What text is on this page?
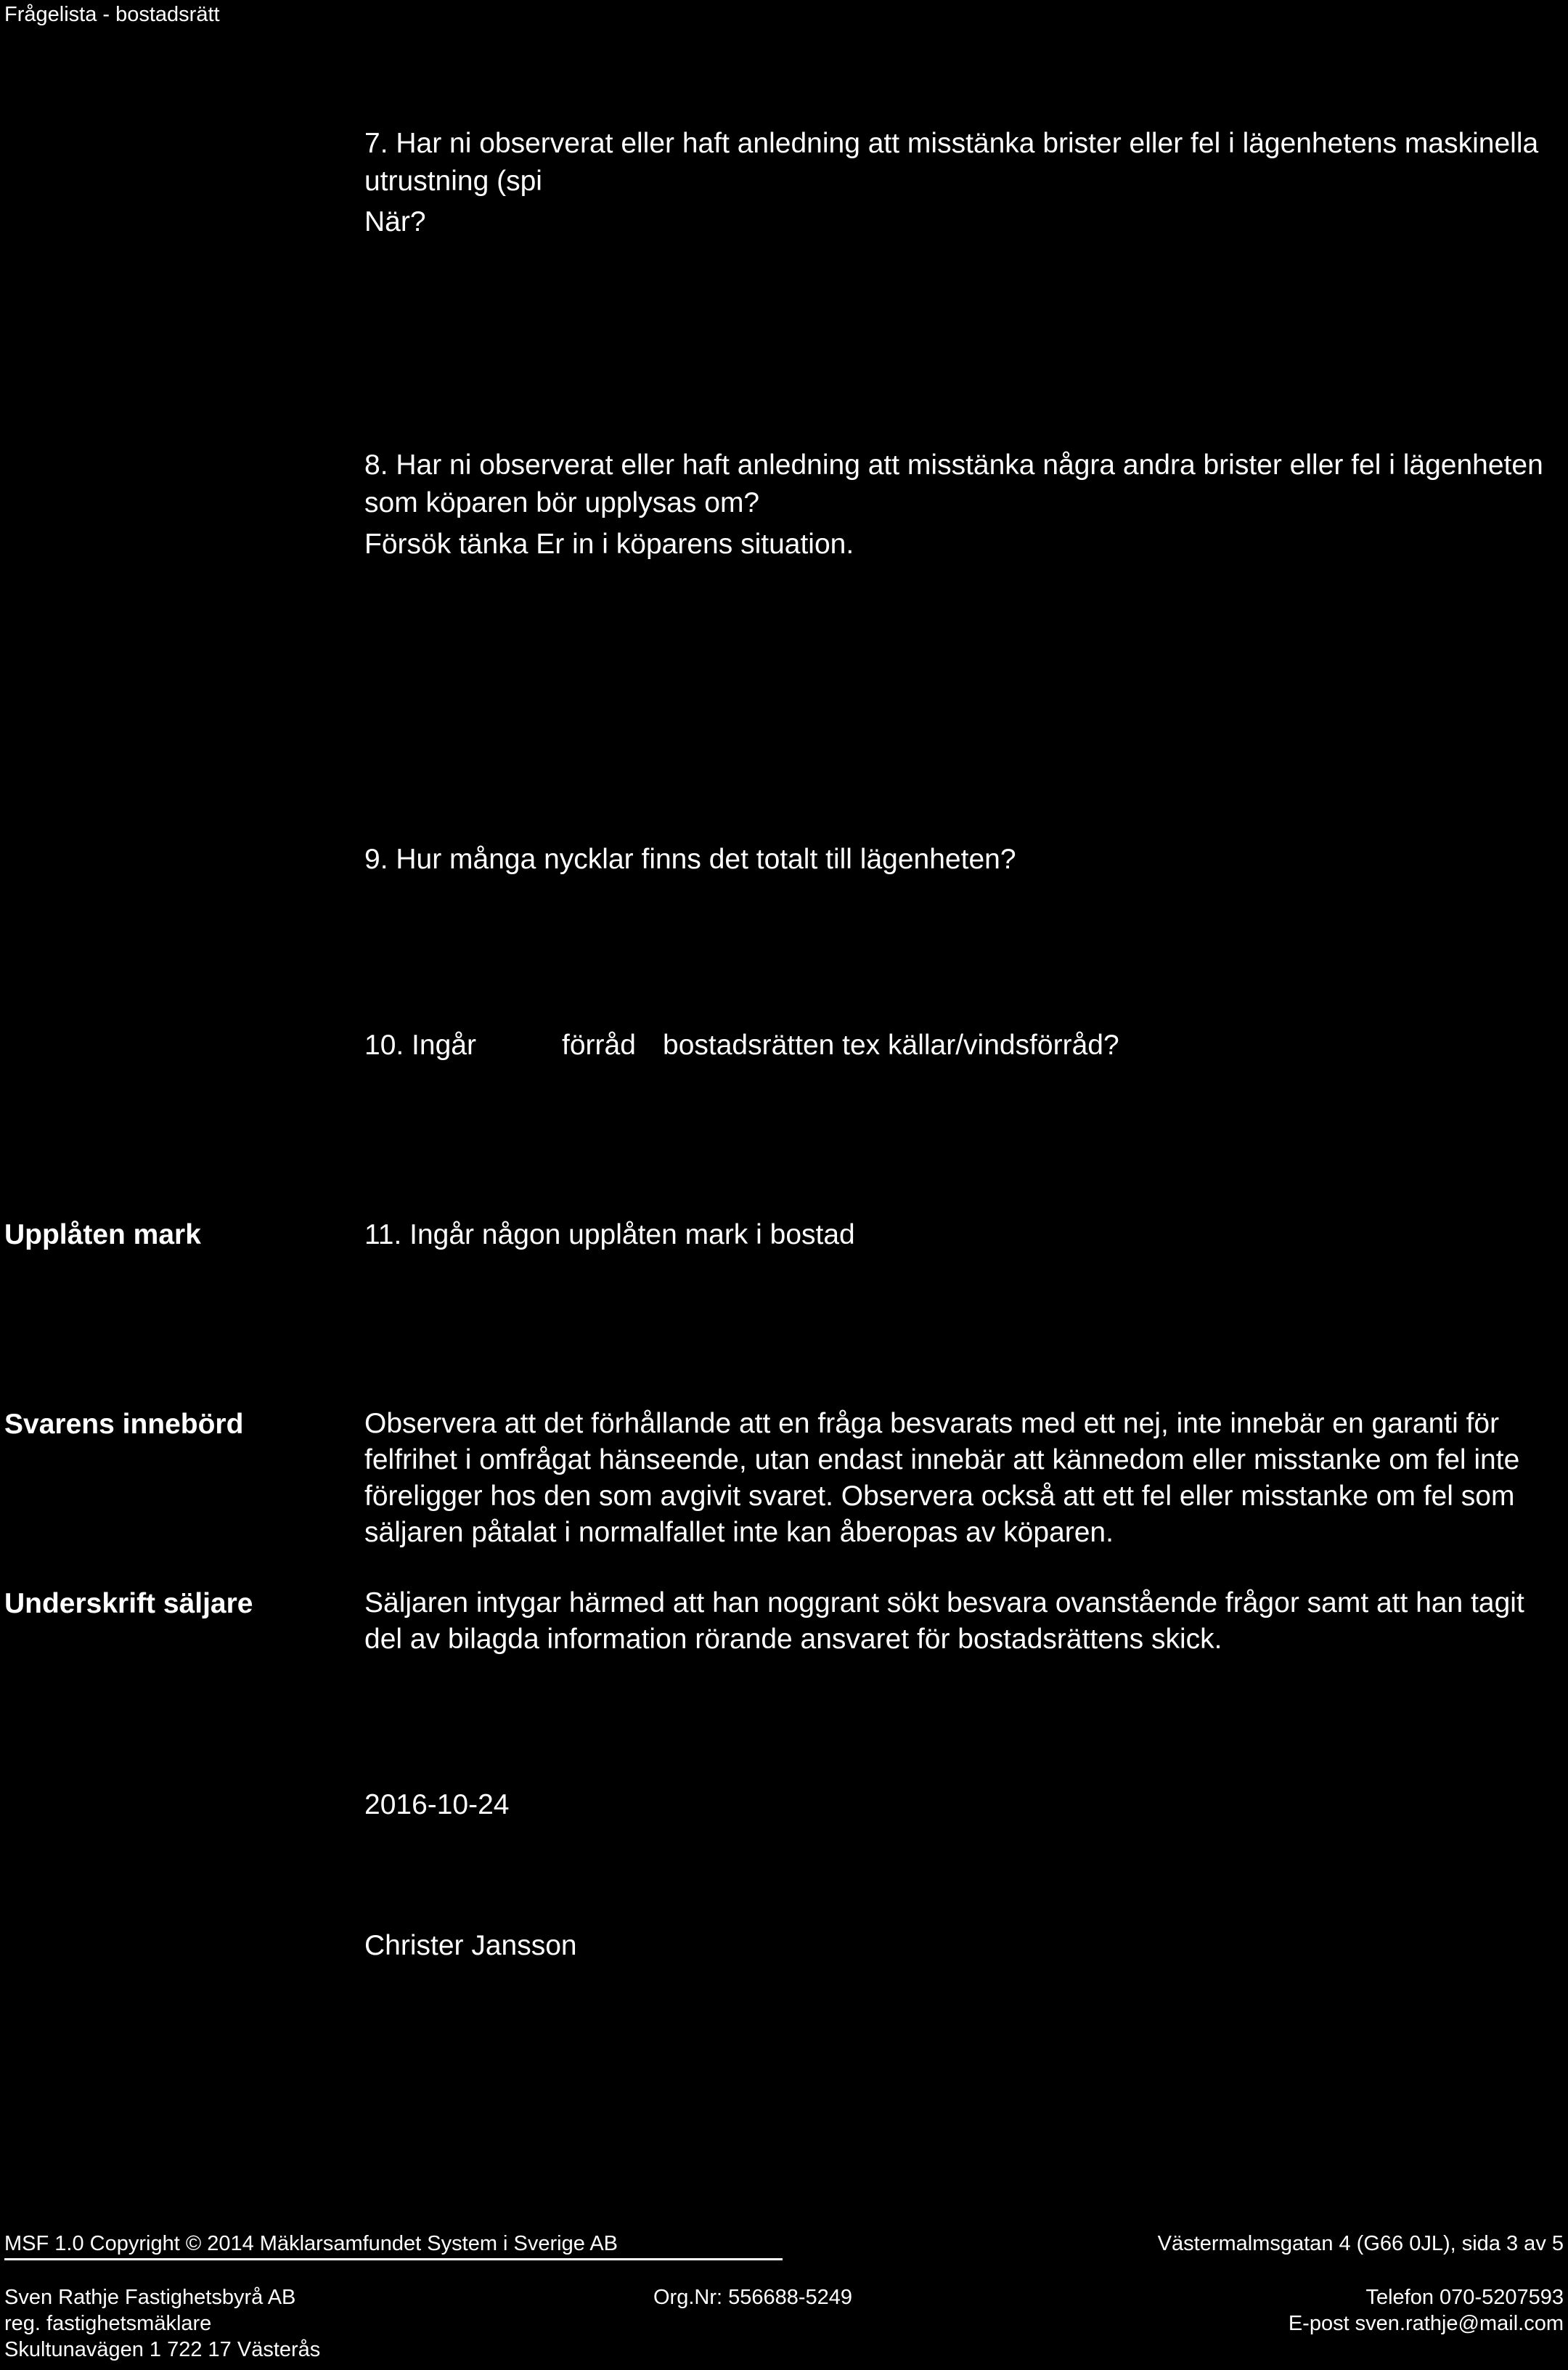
Frågelista - bostadsrätt

7. Har ni observerat eller haft anledning att misstänka brister eller fel i lägenhetens maskinella utrustning (spi

När?

8. Har ni observerat eller haft anledning att misstänka några andra brister eller fel i lägenheten som köparen bör upplysas om?

Försök tänka Er in i köparens situation.
9. Hur många nycklar finns det totalt till lägenheten?
10. Ingår	förråd bostadsrätten tex källar/vindsförråd?
Upplåten mark	11. Ingår någon upplåten mark i bostad
Svarens innebörd	Observera att det förhållande att en fråga besvarats med ett nej, inte innebär en garanti för felfrihet i omfrågat hänseende, utan endast innebär att kännedom eller misstanke om fel inte föreligger hos den som avgivit svaret. Observera också att ett fel eller misstanke om fel som säljaren påtalat i normalfallet inte kan åberopas av köparen.

Underskrift säljare	Säljaren intygar härmed att han noggrant sökt besvara ovanstående frågor samt att han tagit del av bilagda information rörande ansvaret för bostadsrättens skick.

2016-10-24
Christer Jansson
MSF 1.0 Copyright © 2014 Mäklarsamfundet System i Sverige AB	Västermalmsgatan 4 (G66 0JL), sida 3 av 5
Sven Rathje Fastighetsbyrå AB
reg. fastighetsmäklare
Skultunavägen 1 722 17 Västerås
Org.Nr: 556688-5249	Telefon 070-5207593
E-post sven.rathje@mail.com
